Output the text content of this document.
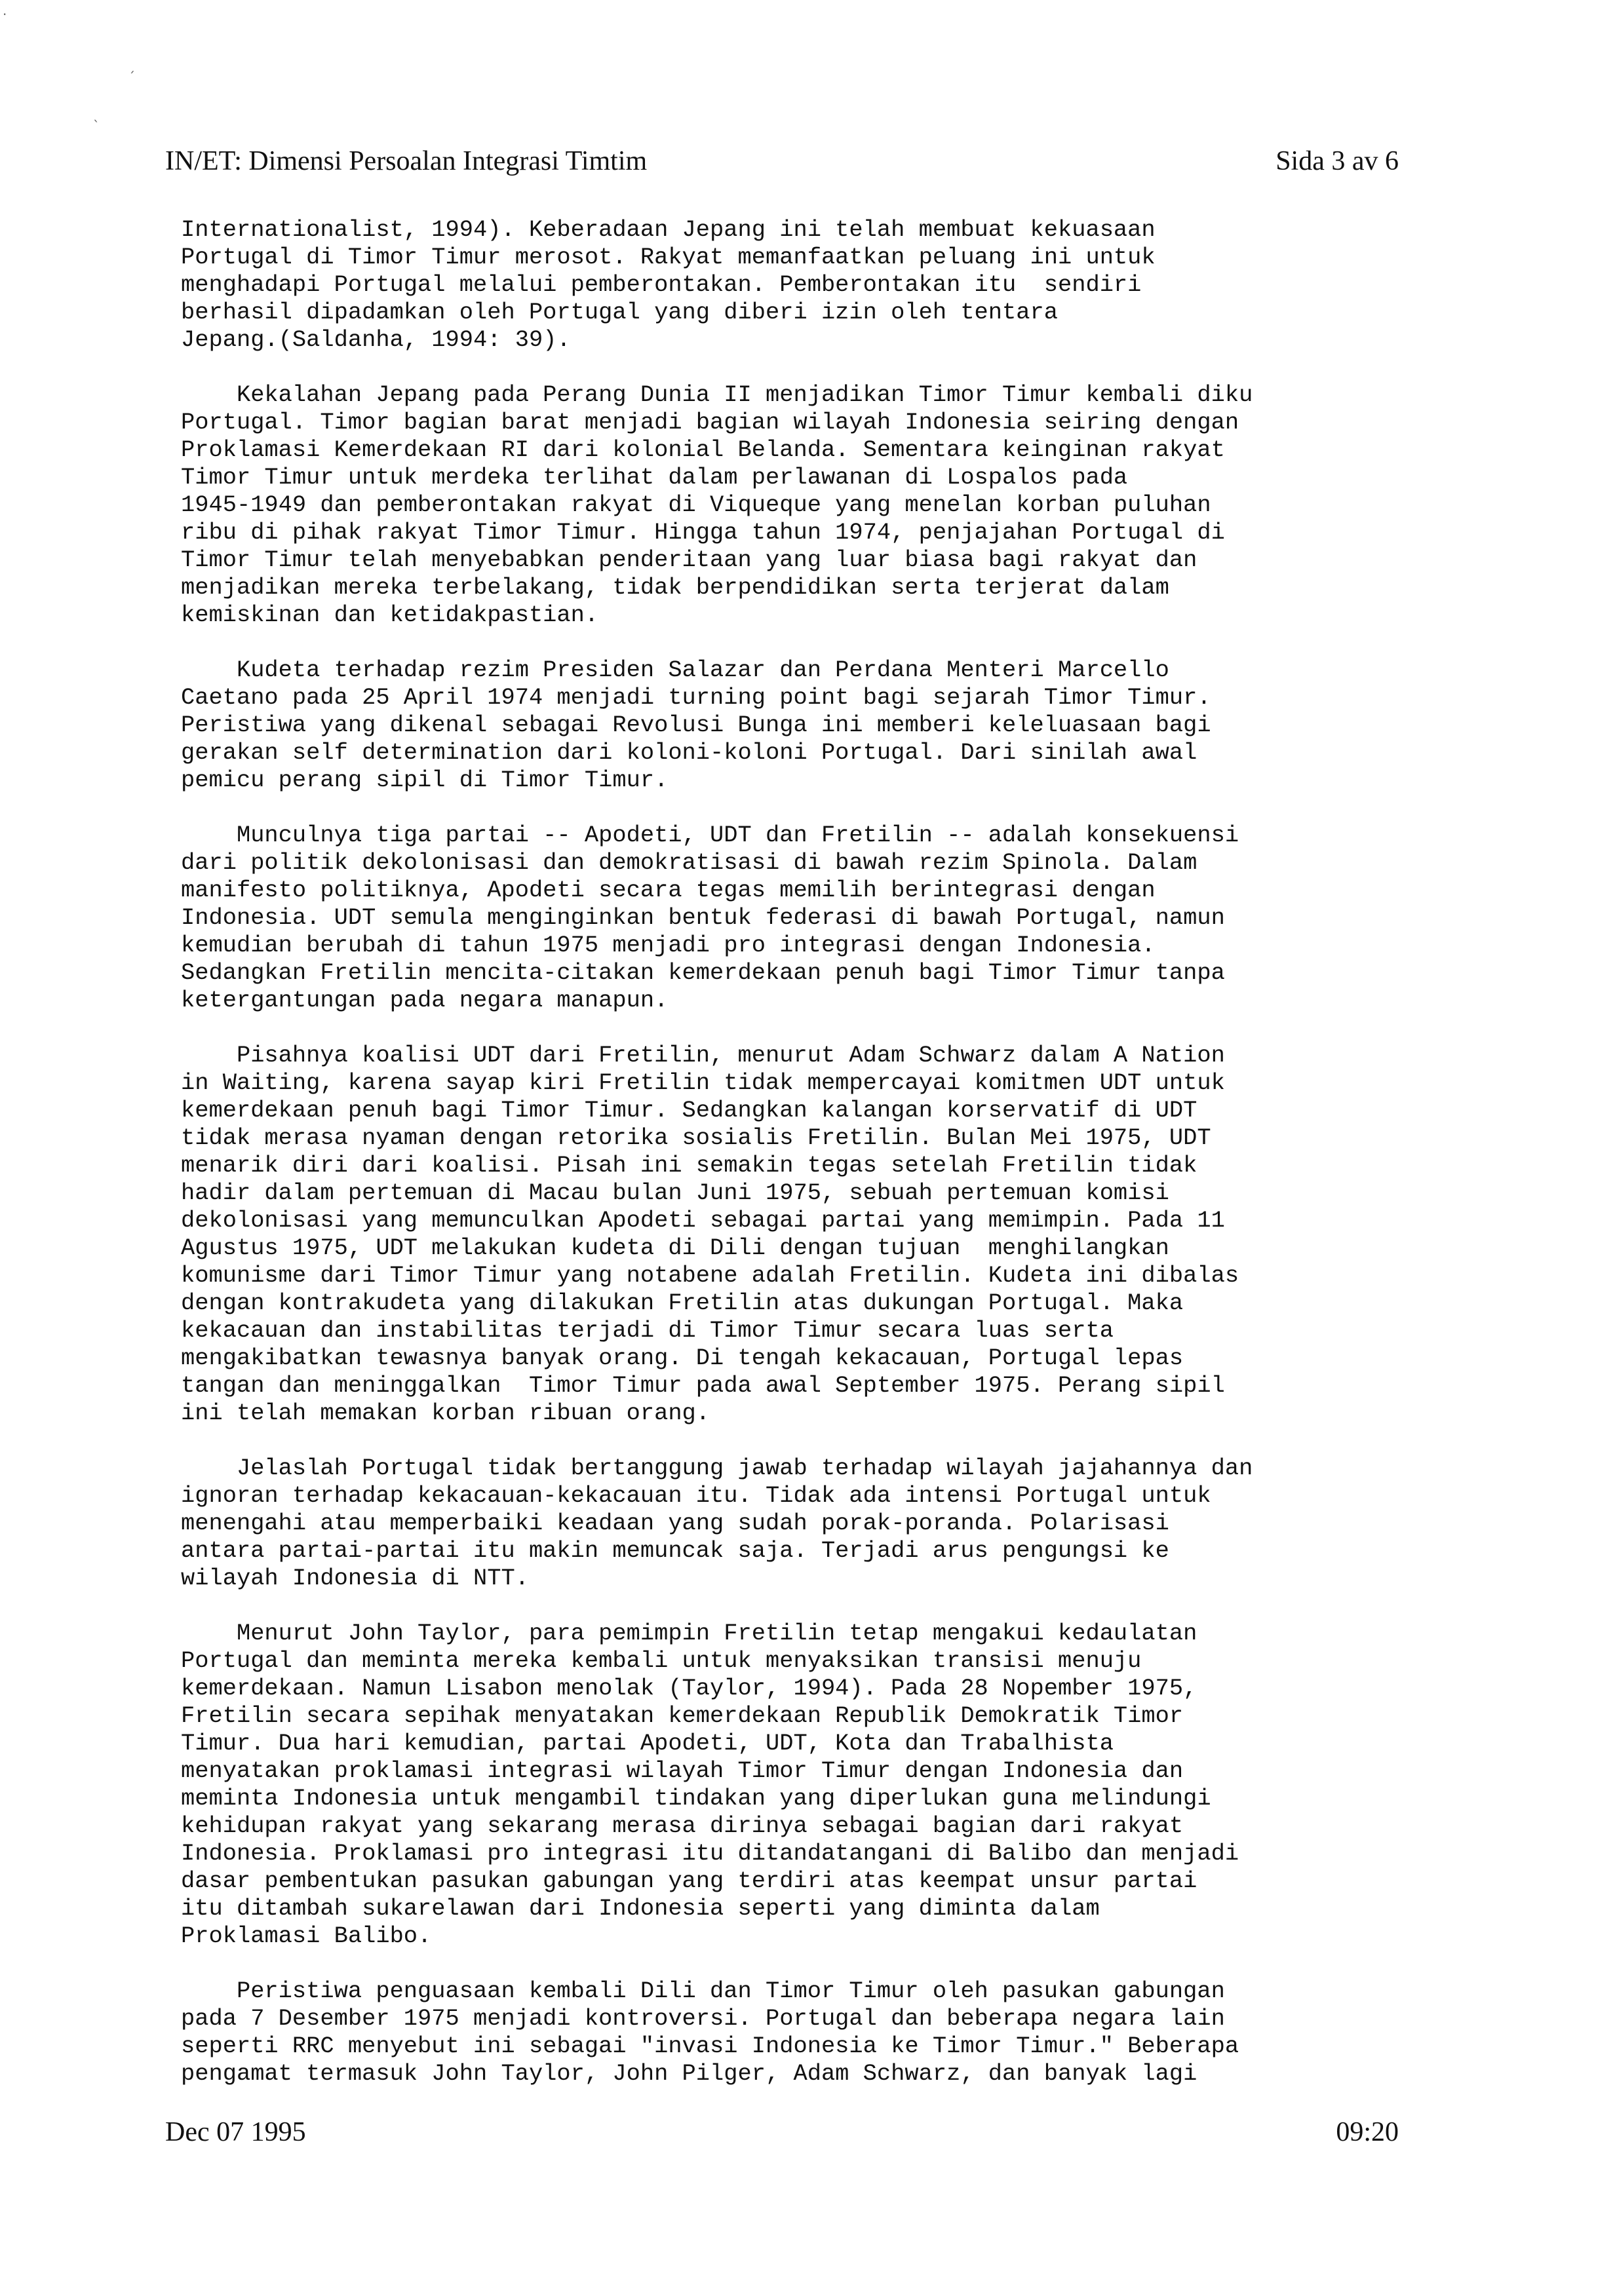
·
ˏ
ˋ
IN/ET: Dimensi Persoalan Integrasi Timtim	Sida 3 av 6

Internationalist, 1994). Keberadaan Jepang ini telah membuat kekuasaan
Portugal di Timor Timur merosot. Rakyat memanfaatkan peluang ini untuk
menghadapi Portugal melalui pemberontakan. Pemberontakan itu  sendiri
berhasil dipadamkan oleh Portugal yang diberi izin oleh tentara
Jepang.(Saldanha, 1994: 39).

Kekalahan Jepang pada Perang Dunia II menjadikan Timor Timur kembali diku
Portugal. Timor bagian barat menjadi bagian wilayah Indonesia seiring dengan
Proklamasi Kemerdekaan RI dari kolonial Belanda. Sementara keinginan rakyat
Timor Timur untuk merdeka terlihat dalam perlawanan di Lospalos pada
1945-1949 dan pemberontakan rakyat di Viqueque yang menelan korban puluhan
ribu di pihak rakyat Timor Timur. Hingga tahun 1974, penjajahan Portugal di
Timor Timur telah menyebabkan penderitaan yang luar biasa bagi rakyat dan
menjadikan mereka terbelakang, tidak berpendidikan serta terjerat dalam
kemiskinan dan ketidakpastian.

Kudeta terhadap rezim Presiden Salazar dan Perdana Menteri Marcello
Caetano pada 25 April 1974 menjadi turning point bagi sejarah Timor Timur.
Peristiwa yang dikenal sebagai Revolusi Bunga ini memberi keleluasaan bagi
gerakan self determination dari koloni-koloni Portugal. Dari sinilah awal
pemicu perang sipil di Timor Timur.

Munculnya tiga partai -- Apodeti, UDT dan Fretilin -- adalah konsekuensi
dari politik dekolonisasi dan demokratisasi di bawah rezim Spinola. Dalam
manifesto politiknya, Apodeti secara tegas memilih berintegrasi dengan
Indonesia. UDT semula menginginkan bentuk federasi di bawah Portugal, namun
kemudian berubah di tahun 1975 menjadi pro integrasi dengan Indonesia.
Sedangkan Fretilin mencita-citakan kemerdekaan penuh bagi Timor Timur tanpa
ketergantungan pada negara manapun.

Pisahnya koalisi UDT dari Fretilin, menurut Adam Schwarz dalam A Nation
in Waiting, karena sayap kiri Fretilin tidak mempercayai komitmen UDT untuk
kemerdekaan penuh bagi Timor Timur. Sedangkan kalangan korservatif di UDT
tidak merasa nyaman dengan retorika sosialis Fretilin. Bulan Mei 1975, UDT
menarik diri dari koalisi. Pisah ini semakin tegas setelah Fretilin tidak
hadir dalam pertemuan di Macau bulan Juni 1975, sebuah pertemuan komisi
dekolonisasi yang memunculkan Apodeti sebagai partai yang memimpin. Pada 11
Agustus 1975, UDT melakukan kudeta di Dili dengan tujuan  menghilangkan
komunisme dari Timor Timur yang notabene adalah Fretilin. Kudeta ini dibalas
dengan kontrakudeta yang dilakukan Fretilin atas dukungan Portugal. Maka
kekacauan dan instabilitas terjadi di Timor Timur secara luas serta
mengakibatkan tewasnya banyak orang. Di tengah kekacauan, Portugal lepas
tangan dan meninggalkan  Timor Timur pada awal September 1975. Perang sipil
ini telah memakan korban ribuan orang.

Jelaslah Portugal tidak bertanggung jawab terhadap wilayah jajahannya dan
ignoran terhadap kekacauan-kekacauan itu. Tidak ada intensi Portugal untuk
menengahi atau memperbaiki keadaan yang sudah porak-poranda. Polarisasi
antara partai-partai itu makin memuncak saja. Terjadi arus pengungsi ke
wilayah Indonesia di NTT.

Menurut John Taylor, para pemimpin Fretilin tetap mengakui kedaulatan
Portugal dan meminta mereka kembali untuk menyaksikan transisi menuju
kemerdekaan. Namun Lisabon menolak (Taylor, 1994). Pada 28 Nopember 1975,
Fretilin secara sepihak menyatakan kemerdekaan Republik Demokratik Timor
Timur. Dua hari kemudian, partai Apodeti, UDT, Kota dan Trabalhista
menyatakan proklamasi integrasi wilayah Timor Timur dengan Indonesia dan
meminta Indonesia untuk mengambil tindakan yang diperlukan guna melindungi
kehidupan rakyat yang sekarang merasa dirinya sebagai bagian dari rakyat
Indonesia. Proklamasi pro integrasi itu ditandatangani di Balibo dan menjadi
dasar pembentukan pasukan gabungan yang terdiri atas keempat unsur partai
itu ditambah sukarelawan dari Indonesia seperti yang diminta dalam
Proklamasi Balibo.

Peristiwa penguasaan kembali Dili dan Timor Timur oleh pasukan gabungan
pada 7 Desember 1975 menjadi kontroversi. Portugal dan beberapa negara lain
seperti RRC menyebut ini sebagai "invasi Indonesia ke Timor Timur." Beberapa
pengamat termasuk John Taylor, John Pilger, Adam Schwarz, dan banyak lagi

Dec 07 1995	09:20
